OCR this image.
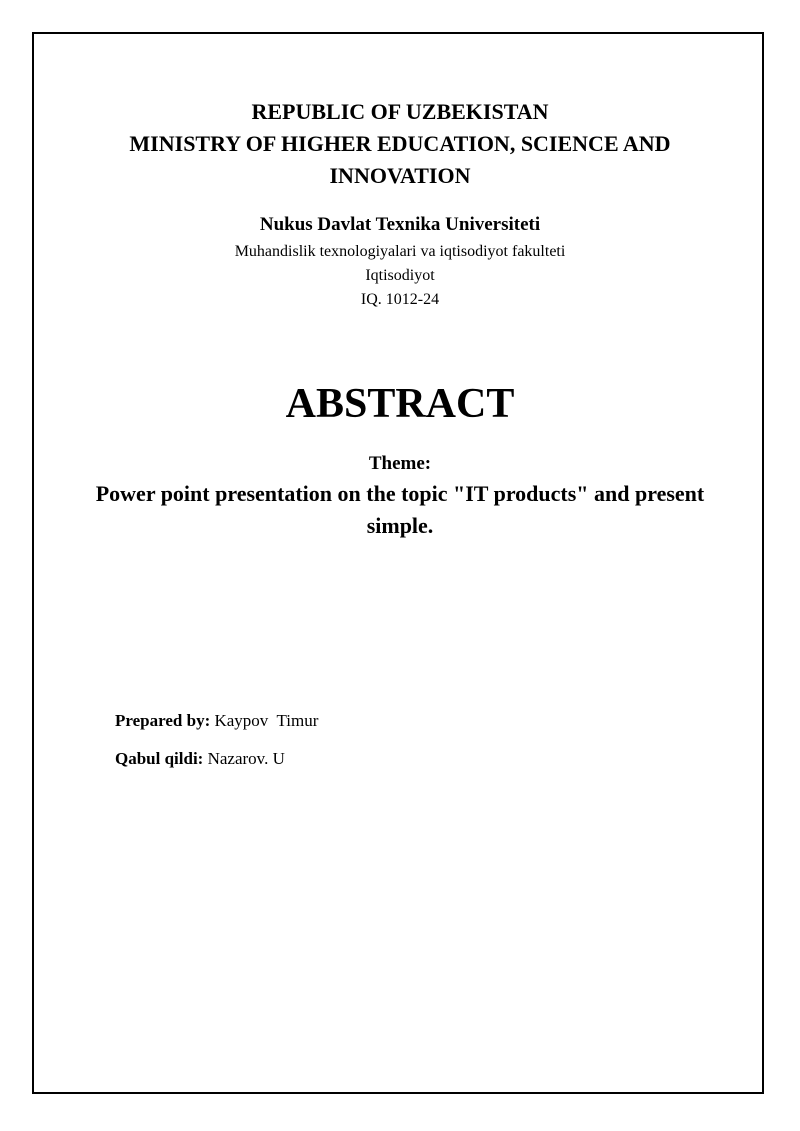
REPUBLIC OF UZBEKISTAN
MINISTRY OF HIGHER EDUCATION, SCIENCE AND INNOVATION
Nukus Davlat Texnika Universiteti
Muhandislik texnologiyalari va iqtisodiyot fakulteti
Iqtisodiyot
IQ. 1012-24
ABSTRACT
Theme:
Power point presentation on the topic "IT products" and present simple.
Prepared by: Kaypov  Timur
Qabul qildi: Nazarov. U
